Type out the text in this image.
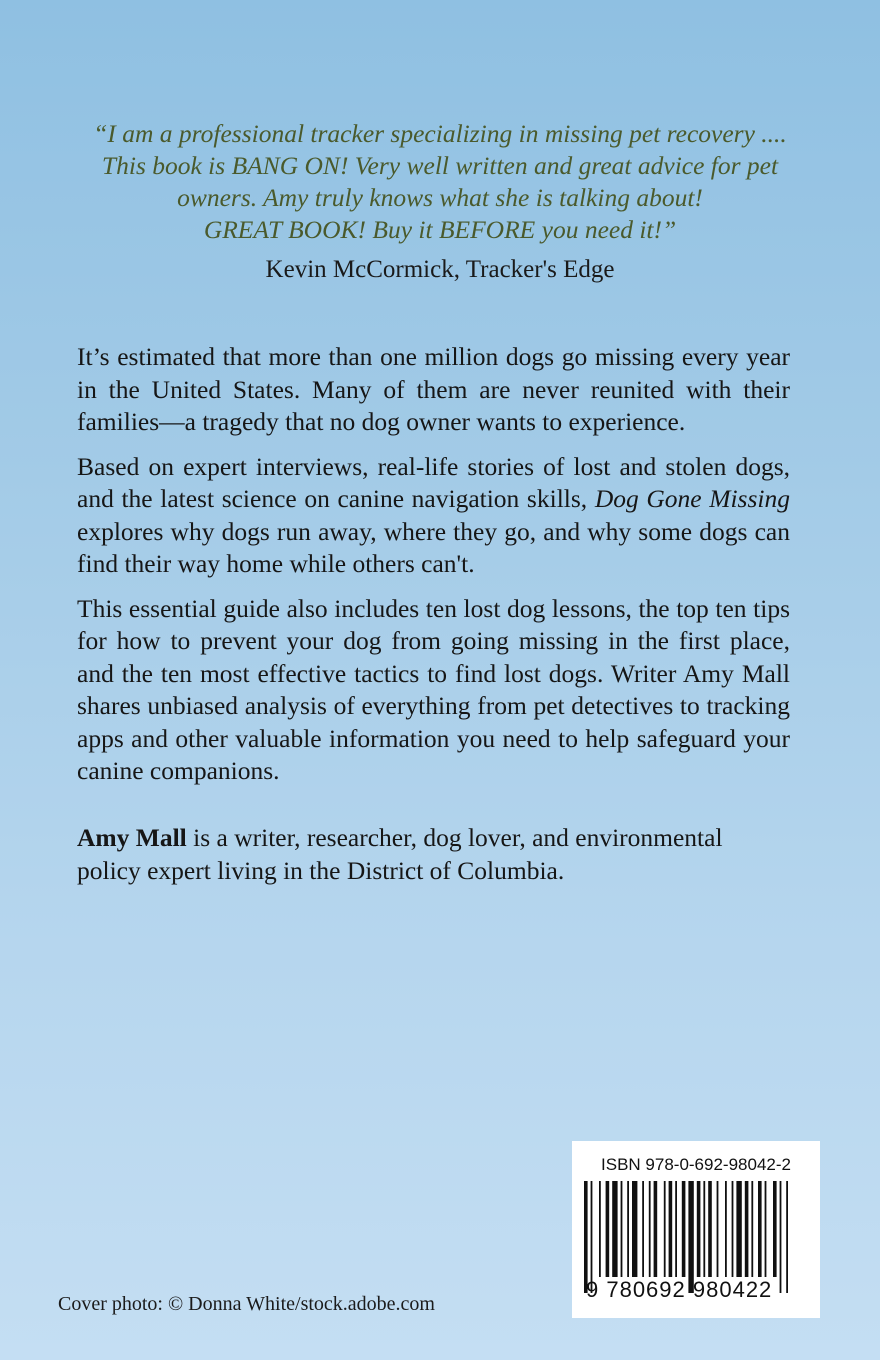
“I am a professional tracker specializing in missing pet recovery ....

This book is BANG ON! Very well written and great advice for pet

owners. Amy truly knows what she is talking about!

GREAT BOOK! Buy it BEFORE you need it!”

Kevin McCormick, Tracker's Edge

It’s estimated that more than one million dogs go missing every year in the United States. Many of them are never reunited with their families—a tragedy that no dog owner wants to experience.

Based on expert interviews, real-life stories of lost and stolen dogs, and the latest science on canine navigation skills, Dog Gone Missing explores why dogs run away, where they go, and why some dogs can find their way home while others can't.

This essential guide also includes ten lost dog lessons, the top ten tips for how to prevent your dog from going missing in the first place, and the ten most effective tactics to find lost dogs. Writer Amy Mall shares unbiased analysis of everything from pet detectives to tracking apps and other valuable information you need to help safeguard your canine companions.

Amy Mall is a writer, researcher, dog lover, and environmental policy expert living in the District of Columbia.

Cover photo: © Donna White/stock.adobe.com
ISBN 978-0-692-98042-2
9 780692 980422
